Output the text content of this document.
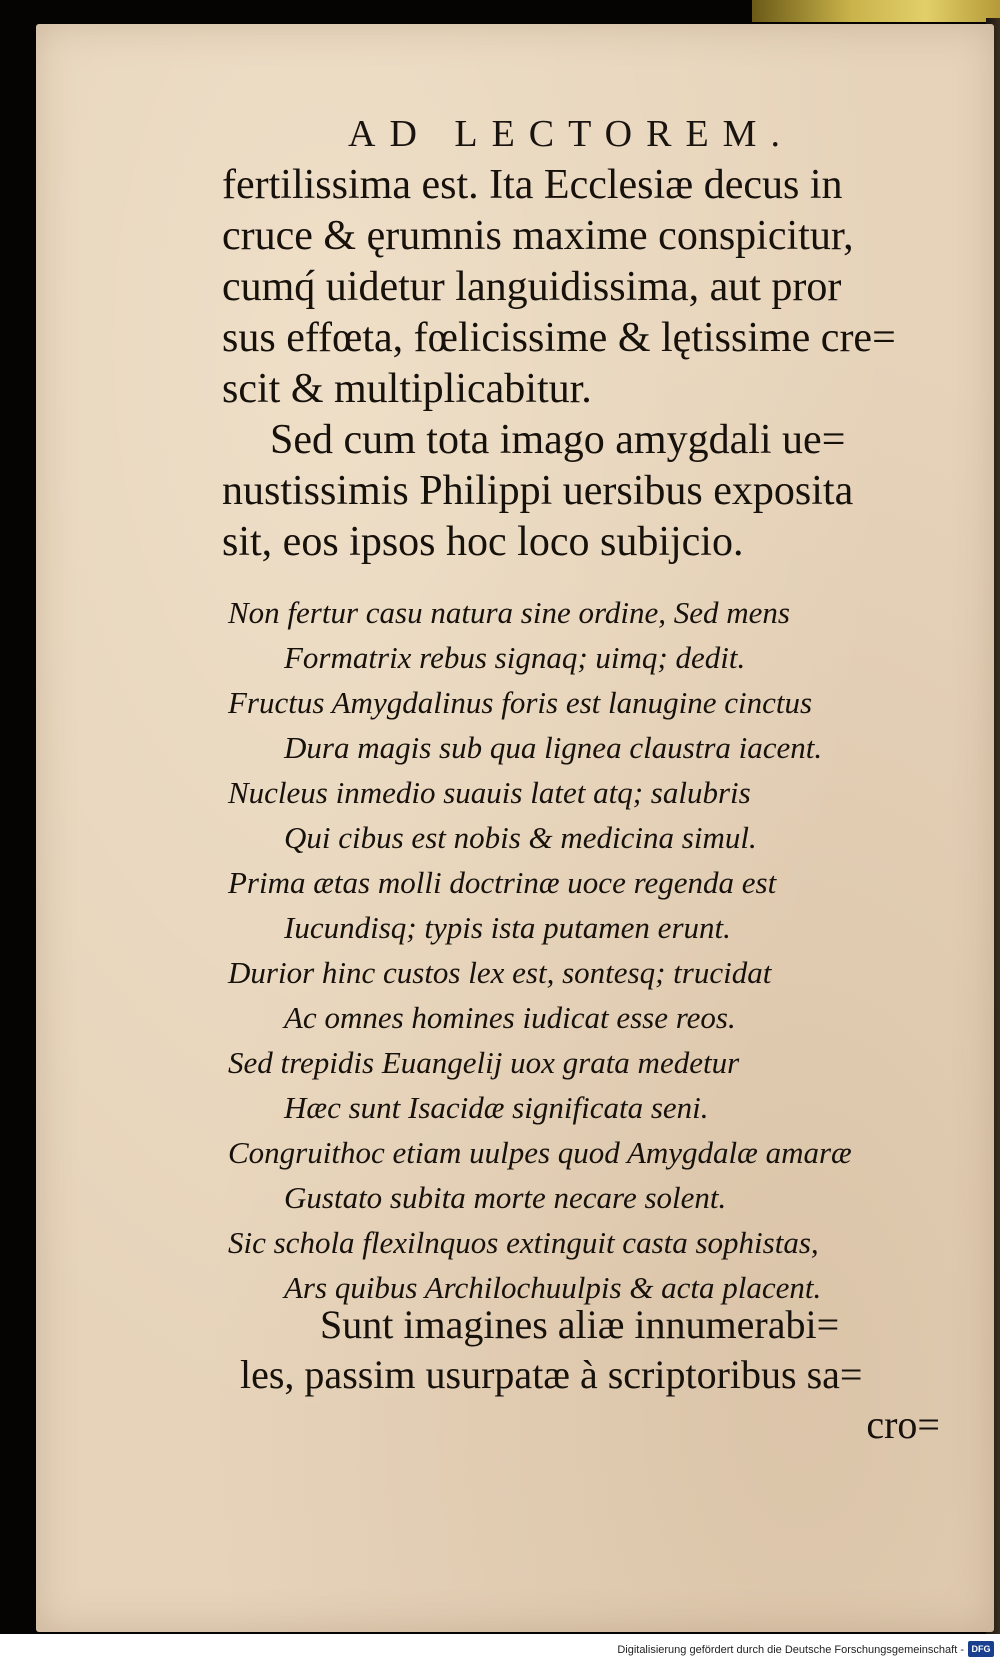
AD LECTOREM.
fertilissima est. Ita Ecclesiæ decus in
cruce & ęrumnis maxime conspicitur,
cumq́ uidetur languidissima, aut pror
sus effœta, fœlicissime & lętissime cre=
scit & multiplicabitur.
Sed cum tota imago amygdali ue=
nustissimis Philippi uersibus exposita
sit, eos ipsos hoc loco subijcio.
Non fertur casu natura sine ordine, Sed mens
Formatrix rebus signaq; uimq; dedit.
Fructus Amygdalinus foris est lanugine cinctus
Dura magis sub qua lignea claustra iacent.
Nucleus inmedio suauis latet atq; salubris
Qui cibus est nobis & medicina simul.
Prima ætas molli doctrinæ uoce regenda est
Iucundisq; typis ista putamen erunt.
Durior hinc custos lex est, sontesq; trucidat
Ac omnes homines iudicat esse reos.
Sed trepidis Euangelij uox grata medetur
Hæc sunt Isacidæ significata seni.
Congruithoc etiam uulpes quod Amygdalæ amaræ
Gustato subita morte necare solent.
Sic schola flexilnquos extinguit casta sophistas,
Ars quibus Archilochuulpis & acta placent.
Sunt imagines aliæ innumerabi=
les, passim usurpatæ à scriptoribus sa=
cro=
Digitalisierung gefördert durch die Deutsche Forschungsgemeinschaft - DFG
